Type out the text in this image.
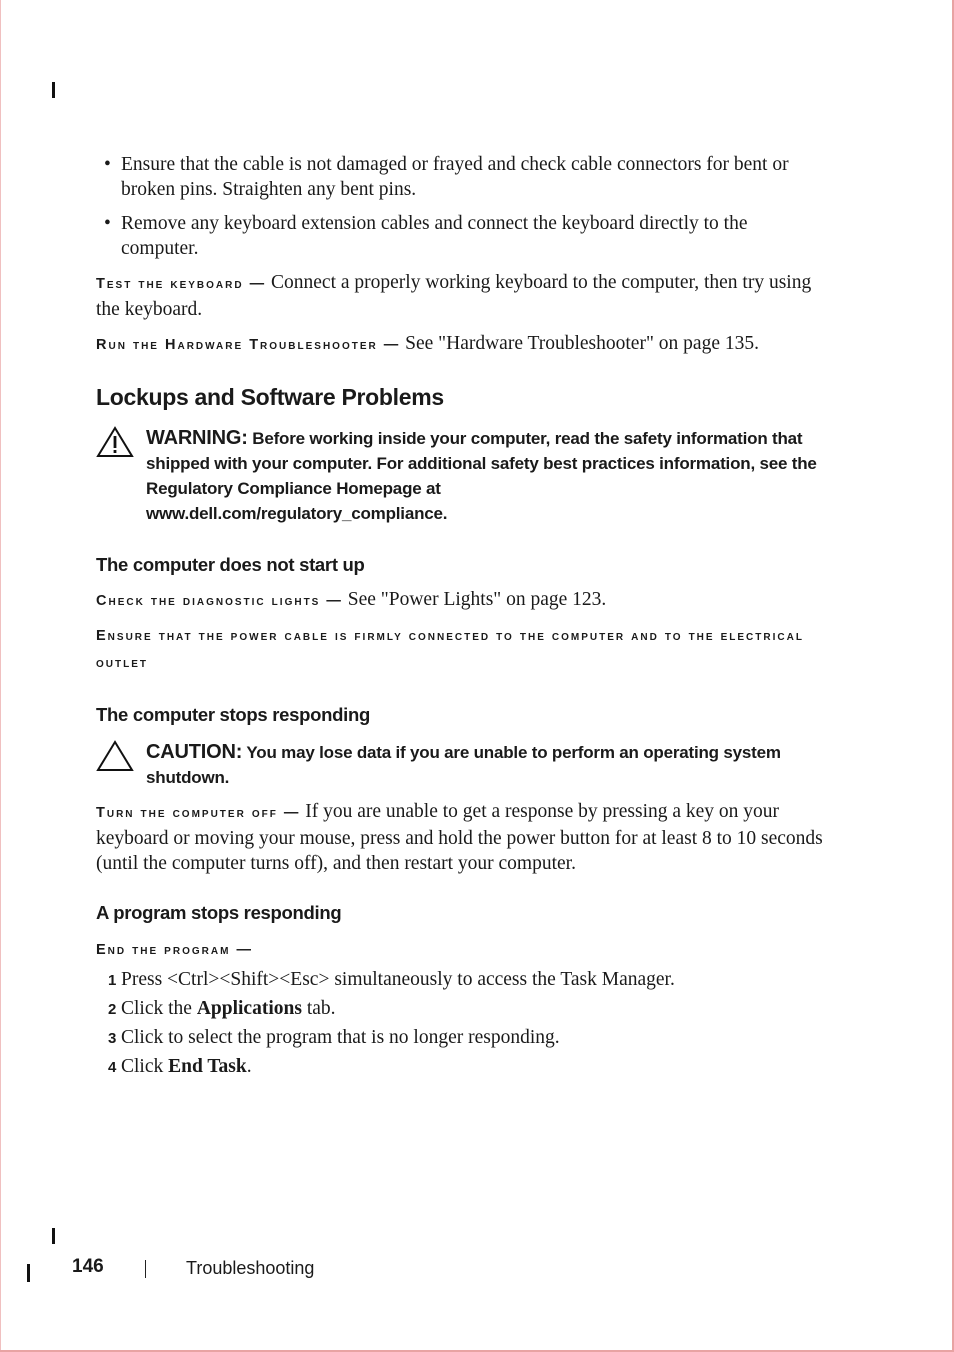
• Ensure that the cable is not damaged or frayed and check cable connectors for bent or broken pins. Straighten any bent pins.
• Remove any keyboard extension cables and connect the keyboard directly to the computer.

Test the keyboard — Connect a properly working keyboard to the computer, then try using the keyboard.

Run the Hardware Troubleshooter — See "Hardware Troubleshooter" on page 135.

Lockups and Software Problems
WARNING: Before working inside your computer, read the safety information that shipped with your computer. For additional safety best practices information, see the Regulatory Compliance Homepage at
www.dell.com/regulatory_compliance.
The computer does not start up

Check the diagnostic lights — See "Power Lights" on page 123.

Ensure that the power cable is firmly connected to the computer and to the electrical outlet

The computer stops responding
CAUTION: You may lose data if you are unable to perform an operating system shutdown.

Turn the computer off — If you are unable to get a response by pressing a key on your keyboard or moving your mouse, press and hold the power button for at least 8 to 10 seconds (until the computer turns off), and then restart your computer.

A program stops responding

End the program —

1 Press <Ctrl><Shift><Esc> simultaneously to access the Task Manager.
2 Click the Applications tab.
3 Click to select the program that is no longer responding.
4 Click End Task.
146	Troubleshooting
